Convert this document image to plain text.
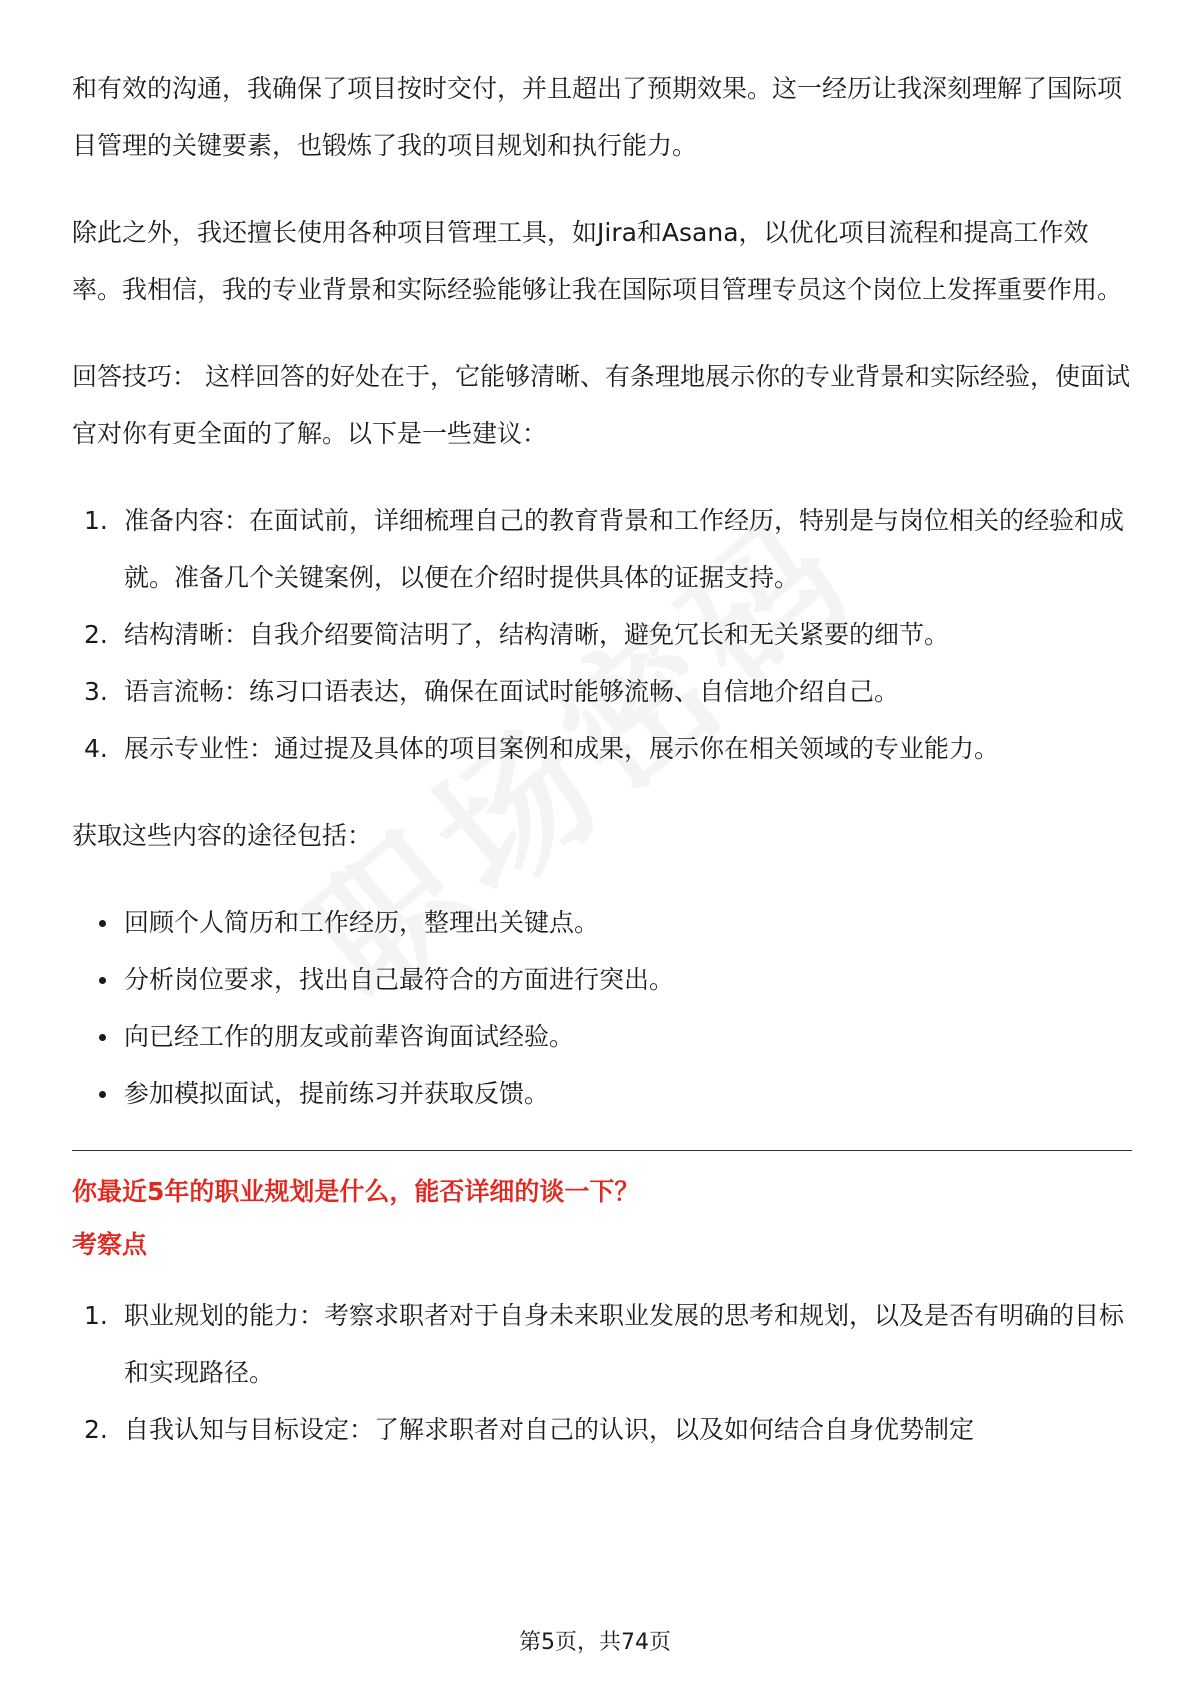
和有效的沟通，我确保了项目按时交付，并且超出了预期效果。这一经历让我深刻理解了国际项目管理的关键要素，也锻炼了我的项目规划和执行能力。

除此之外，我还擅长使用各种项目管理工具，如Jira和Asana，以优化项目流程和提高工作效率。我相信，我的专业背景和实际经验能够让我在国际项目管理专员这个岗位上发挥重要作用。

回答技巧： 这样回答的好处在于，它能够清晰、有条理地展示你的专业背景和实际经验，使面试官对你有更全面的了解。以下是一些建议：

1. 准备内容：在面试前，详细梳理自己的教育背景和工作经历，特别是与岗位相关的经验和成就。准备几个关键案例，以便在介绍时提供具体的证据支持。
2. 结构清晰：自我介绍要简洁明了，结构清晰，避免冗长和无关紧要的细节。
3. 语言流畅：练习口语表达，确保在面试时能够流畅、自信地介绍自己。
4. 展示专业性：通过提及具体的项目案例和成果，展示你在相关领域的专业能力。

获取这些内容的途径包括：

回顾个人简历和工作经历，整理出关键点。
分析岗位要求，找出自己最符合的方面进行突出。
向已经工作的朋友或前辈咨询面试经验。
参加模拟面试，提前练习并获取反馈。
你最近5年的职业规划是什么，能否详细的谈一下？
考察点
1. 职业规划的能力：考察求职者对于自身未来职业发展的思考和规划，以及是否有明确的目标和实现路径。
2. 自我认知与目标设定：了解求职者对自己的认识，以及如何结合自身优势制定
第5页，共74页
